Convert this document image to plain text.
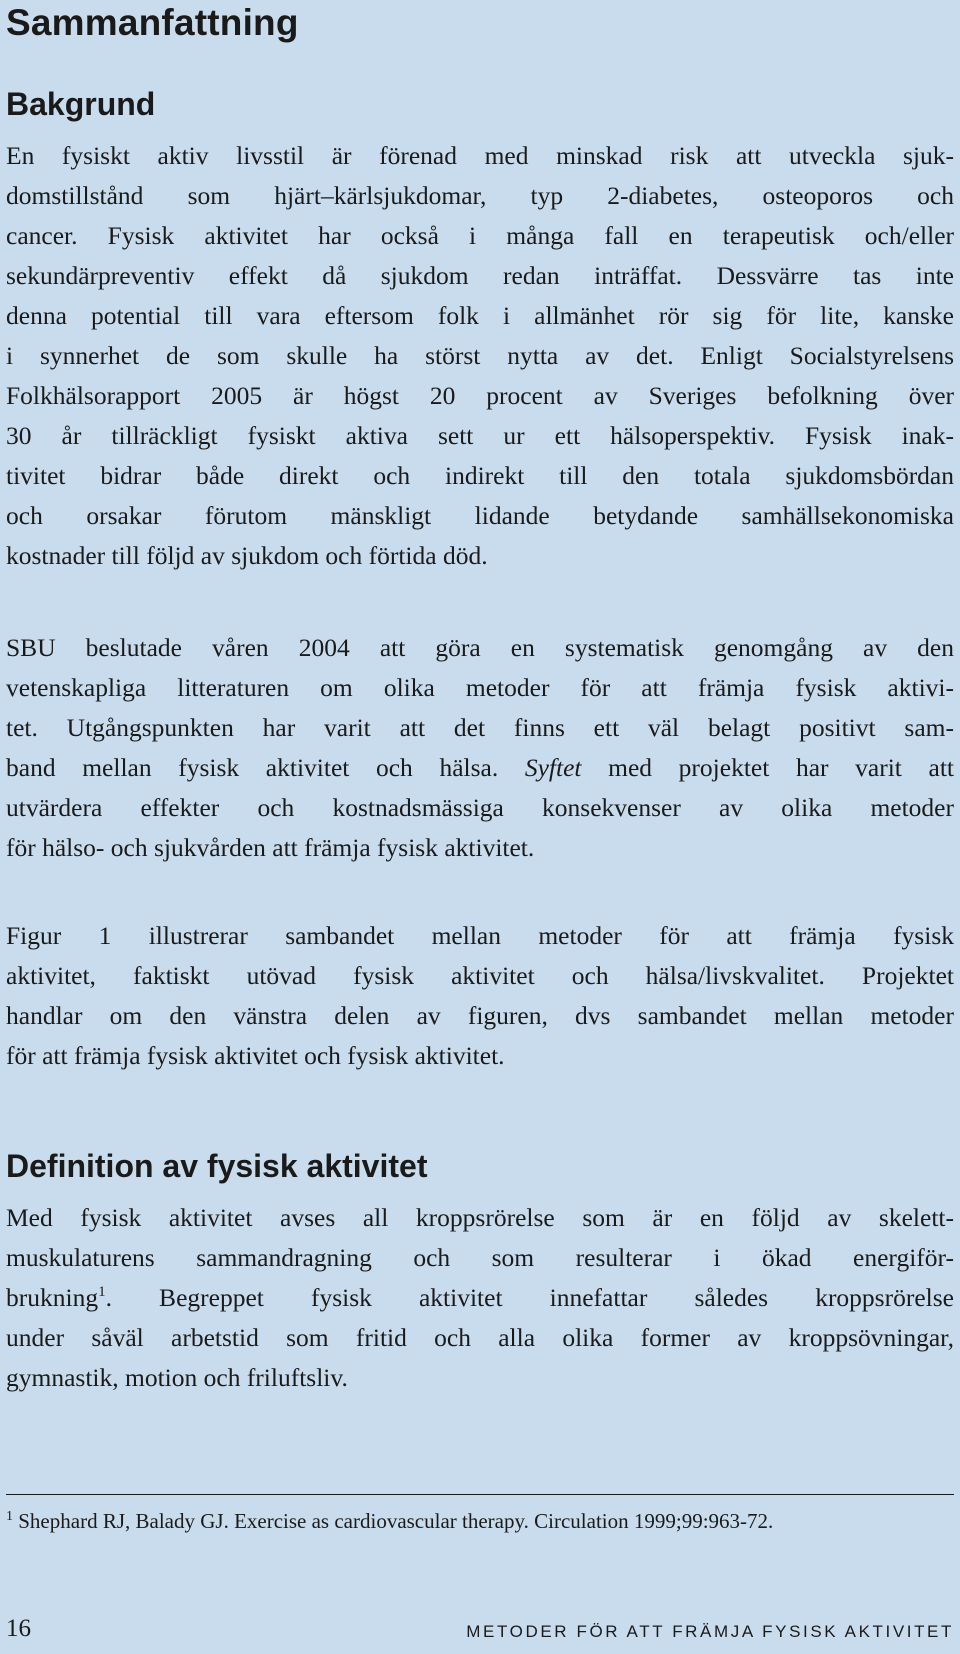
Sammanfattning
Bakgrund

En fysiskt aktiv livsstil är förenad med minskad risk att utveckla sjuk-
domstillstånd som hjärt–kärlsjukdomar, typ 2-diabetes, osteoporos och
cancer. Fysisk aktivitet har också i många fall en terapeutisk och/eller
sekundärpreventiv effekt då sjukdom redan inträffat. Dessvärre tas inte
denna potential till vara eftersom folk i allmänhet rör sig för lite, kanske
i synnerhet de som skulle ha störst nytta av det. Enligt Socialstyrelsens
Folkhälsorapport 2005 är högst 20 procent av Sveriges befolkning över
30 år tillräckligt fysiskt aktiva sett ur ett hälsoperspektiv. Fysisk inak-
tivitet bidrar både direkt och indirekt till den totala sjukdomsbördan
och orsakar förutom mänskligt lidande betydande samhällsekonomiska
kostnader till följd av sjukdom och förtida död.

SBU beslutade våren 2004 att göra en systematisk genomgång av den
vetenskapliga litteraturen om olika metoder för att främja fysisk aktivi-
tet. Utgångspunkten har varit att det finns ett väl belagt positivt sam-
band mellan fysisk aktivitet och hälsa. Syftet med projektet har varit att
utvärdera effekter och kostnadsmässiga konsekvenser av olika metoder
för hälso- och sjukvården att främja fysisk aktivitet.

Figur 1 illustrerar sambandet mellan metoder för att främja fysisk
aktivitet, faktiskt utövad fysisk aktivitet och hälsa/livskvalitet. Projektet
handlar om den vänstra delen av figuren, dvs sambandet mellan metoder
för att främja fysisk aktivitet och fysisk aktivitet.

Definition av fysisk aktivitet

Med fysisk aktivitet avses all kroppsrörelse som är en följd av skelett-
muskulaturens sammandragning och som resulterar i ökad energiför-
brukning$^1$. Begreppet fysisk aktivitet innefattar således kroppsrörelse
under såväl arbetstid som fritid och alla olika former av kroppsövningar,
gymnastik, motion och friluftsliv.

$^1$ Shephard RJ, Balady GJ. Exercise as cardiovascular therapy. Circulation 1999;99:963-72.
16	METODER FÖR ATT FRÄMJA FYSISK AKTIVITET
